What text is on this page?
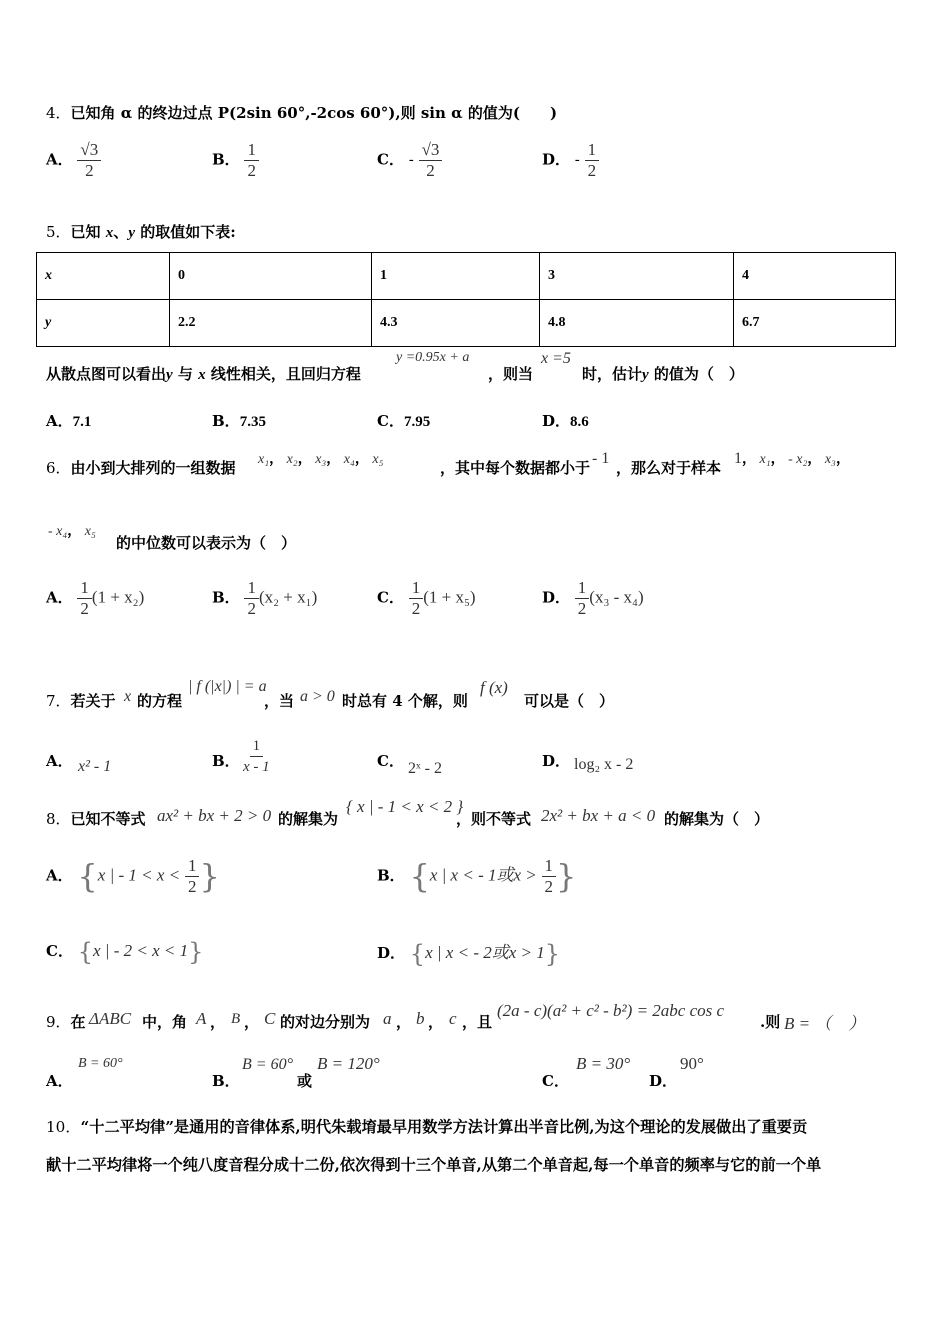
4．已知角 α 的终边过点 P(2sin 60°,-2cos 60°),则 sin α 的值为(　　)
A． $\frac{√3}{2}$	B． $\frac{1}{2}$	C． - $\frac{√3}{2}$	D． - $\frac{1}{2}$
5．已知 x、y 的取值如下表:
x	0	1	3	4
y	2.2	4.3	4.8	6.7
从散点图可以看出y 与 x 线性相关，且回归方程
y =0.95x + a
，则当
x =5
时，估计y 的值为（　）
A．7.1	B．7.35	C．7.95	D．8.6
6．由小到大排列的一组数据 x₁， x₂， x₃， x₄， x₅	，其中每个数据都小于
- 1
，那么对于样本
1， x₁， - x₂， x₃，
- x₄， x₅
的中位数可以表示为（　）
A． $\frac{1}{2} (1 + x_2)$	B． $\frac{1}{2} (x_2 + x_1)$	C． $\frac{1}{2} (1 + x_5)$	D． $\frac{1}{2} (x_3 - x_4)$
7．若关于 x 的方程
| f (|x|) | = a
，当 a > 0 时总有 4 个解，则
f (x)
可以是（　）
A． x² - 1	B． $\frac{1}{x - 1}$	C． 2ˣ - 2	D． log₂ x - 2
8．已知不等式 ax² + bx + 2 > 0 的解集为
{ x | - 1 < x < 2 }
，则不等式 2x² + bx + a < 0 的解集为（　）
A． {x | - $1 < x < \frac{1}{2}$ }	B． {x | x < - 1或$x > \frac{1}{2}$ }
C． {x | - 2 < x < 1}	D． {x | x < - 2或x > 1}
9．在 ΔABC 中，角 A ， B ， C 的对边分别为 a ， b ， c ，且
(2a - c)(a² + c² - b²) = 2abc cos c
.则 B = （　）
A．
B = 60°
B．
B = 60°
或
B = 120°
C．
B = 30°
D．
90°
10．“十二平均律”是通用的音律体系,明代朱载堉最早用数学方法计算出半音比例,为这个理论的发展做出了重要贡
献十二平均律将一个纯八度音程分成十二份,依次得到十三个单音,从第二个单音起,每一个单音的频率与它的前一个单
